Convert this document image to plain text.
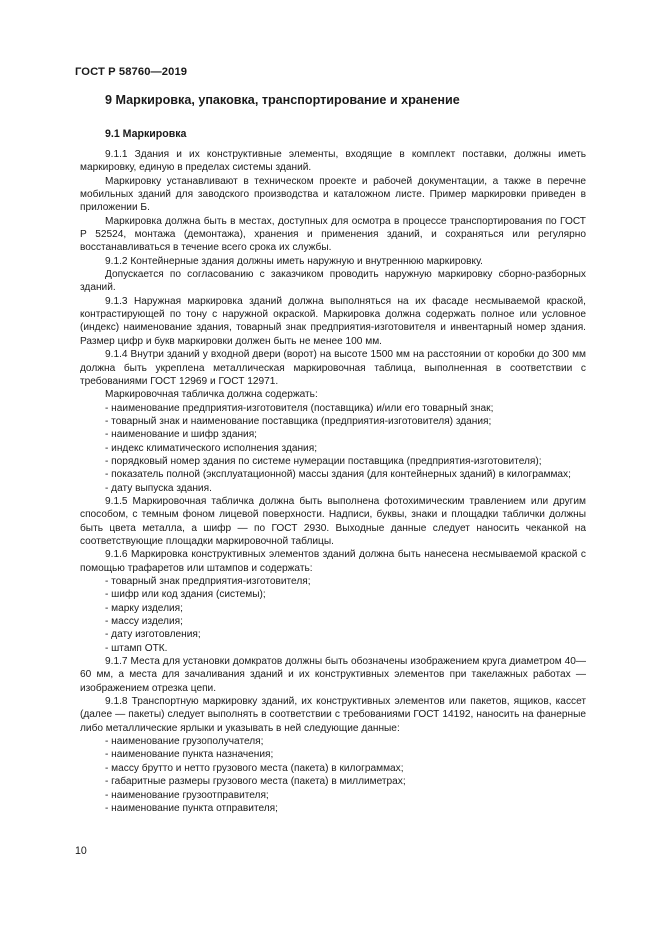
ГОСТ Р 58760—2019
9 Маркировка, упаковка, транспортирование и хранение
9.1 Маркировка

9.1.1 Здания и их конструктивные элементы, входящие в комплект поставки, должны иметь маркировку, единую в пределах системы зданий.

Маркировку устанавливают в техническом проекте и рабочей документации, а также в перечне мобильных зданий для заводского производства и каталожном листе. Пример маркировки приведен в приложении Б.

Маркировка должна быть в местах, доступных для осмотра в процессе транспортирования по ГОСТ Р 52524, монтажа (демонтажа), хранения и применения зданий, и сохраняться или регулярно восстанавливаться в течение всего срока их службы.

9.1.2 Контейнерные здания должны иметь наружную и внутреннюю маркировку.

Допускается по согласованию с заказчиком проводить наружную маркировку сборно-разборных зданий.

9.1.3 Наружная маркировка зданий должна выполняться на их фасаде несмываемой краской, контрастирующей по тону с наружной окраской. Маркировка должна содержать полное или условное (индекс) наименование здания, товарный знак предприятия-изготовителя и инвентарный номер здания. Размер цифр и букв маркировки должен быть не менее 100 мм.

9.1.4 Внутри зданий у входной двери (ворот) на высоте 1500 мм на расстоянии от коробки до 300 мм должна быть укреплена металлическая маркировочная таблица, выполненная в соответствии с требованиями ГОСТ 12969 и ГОСТ 12971.

Маркировочная табличка должна содержать:

- наименование предприятия-изготовителя (поставщика) и/или его товарный знак;

- товарный знак и наименование поставщика (предприятия-изготовителя) здания;

- наименование и шифр здания;

- индекс климатического исполнения здания;

- порядковый номер здания по системе нумерации поставщика (предприятия-изготовителя);

- показатель полной (эксплуатационной) массы здания (для контейнерных зданий) в килограммах;

- дату выпуска здания.

9.1.5 Маркировочная табличка должна быть выполнена фотохимическим травлением или другим способом, с темным фоном лицевой поверхности. Надписи, буквы, знаки и площадки таблички должны быть цвета металла, а шифр — по ГОСТ 2930. Выходные данные следует наносить чеканкой на соответствующие площадки маркировочной таблицы.

9.1.6 Маркировка конструктивных элементов зданий должна быть нанесена несмываемой краской с помощью трафаретов или штампов и содержать:

- товарный знак предприятия-изготовителя;

- шифр или код здания (системы);

- марку изделия;

- массу изделия;

- дату изготовления;

- штамп ОТК.

9.1.7 Места для установки домкратов должны быть обозначены изображением круга диаметром 40—60 мм, а места для зачаливания зданий и их конструктивных элементов при такелажных работах — изображением отрезка цепи.

9.1.8 Транспортную маркировку зданий, их конструктивных элементов или пакетов, ящиков, кассет (далее — пакеты) следует выполнять в соответствии с требованиями ГОСТ 14192, наносить на фанерные либо металлические ярлыки и указывать в ней следующие данные:

- наименование грузополучателя;

- наименование пункта назначения;

- массу брутто и нетто грузового места (пакета) в килограммах;

- габаритные размеры грузового места (пакета) в миллиметрах;

- наименование грузоотправителя;

- наименование пункта отправителя;

10
